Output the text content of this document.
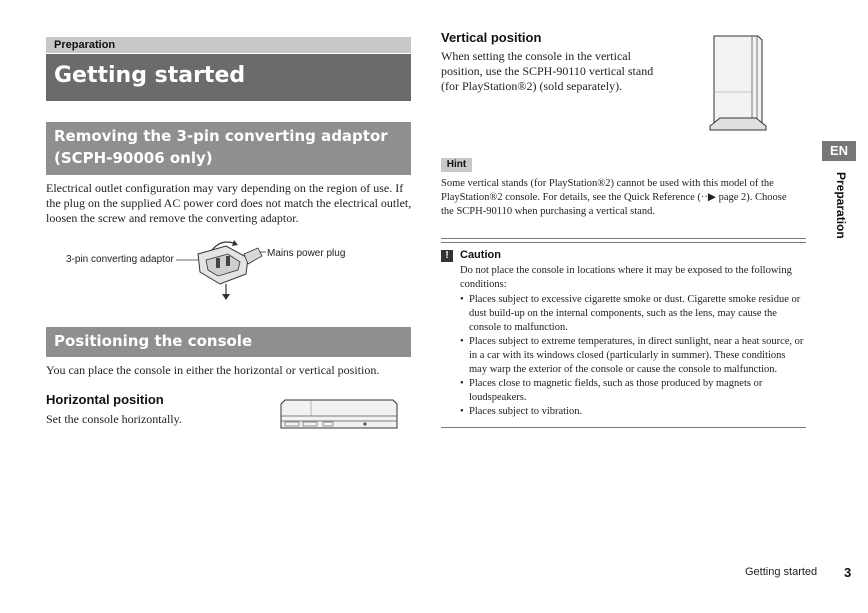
Preparation
Getting started
Removing the 3-pin converting adaptor (SCPH-90006 only)
Electrical outlet configuration may vary depending on the region of use. If the plug on the supplied AC power cord does not match the electrical outlet, loosen the screw and remove the converting adaptor.
3-pin converting adaptor
Mains power plug
Positioning the console
You can place the console in either the horizontal or vertical position.
Horizontal position
Set the console horizontally.
Vertical position
When setting the console in the vertical position, use the SCPH-90110 vertical stand (for PlayStation®2) (sold separately).
Hint
Some vertical stands (for PlayStation®2) cannot be used with this model of the PlayStation®2 console. For details, see the Quick Reference (··▶ page 2). Choose the SCPH-90110 when purchasing a vertical stand.
!	Caution
Do not place the console in locations where it may be exposed to the following conditions:
• Places subject to excessive cigarette smoke or dust. Cigarette smoke residue or dust build-up on the internal components, such as the lens, may cause the console to malfunction.
• Places subject to extreme temperatures, in direct sunlight, near a heat source, or in a car with its windows closed (particularly in summer). These conditions may warp the exterior of the console or cause the console to malfunction.
• Places close to magnetic fields, such as those produced by magnets or loudspeakers.
• Places subject to vibration.
EN
Preparation
Getting started 3
